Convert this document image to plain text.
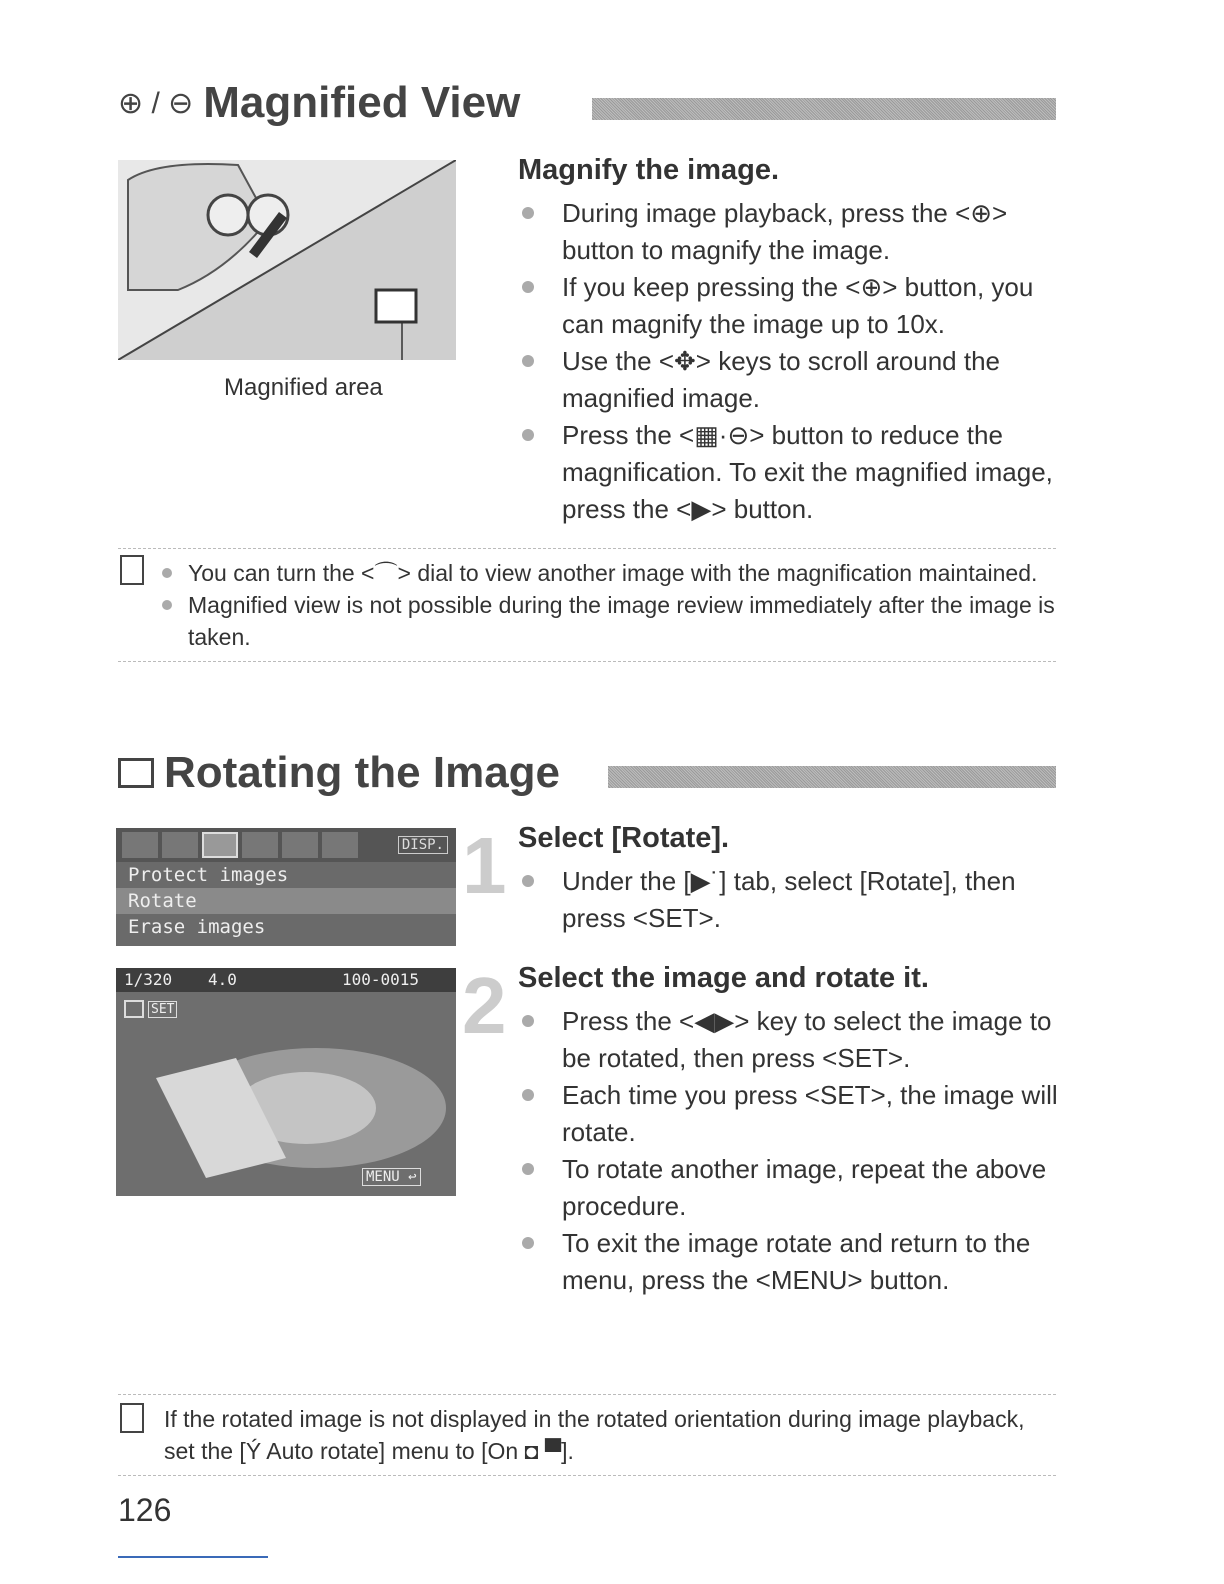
⊕ / ⊖ Magnified View
Magnified area
Magnify the image.
During image playback, press the <⊕> button to magnify the image.
If you keep pressing the <⊕> button, you can magnify the image up to 10x.
Use the <✥> keys to scroll around the magnified image.
Press the <▦·⊖> button to reduce the magnification. To exit the magnified image, press the <▶> button.
You can turn the <⌒> dial to view another image with the magnification maintained.
Magnified view is not possible during the image review immediately after the image is taken.
Rotating the Image
DISP.
Protect images
Rotate
Erase images
1/320 4.0	100-0015
SET
MENU ↩
1 Select [Rotate].
Under the [▶˙] tab, select [Rotate], then press <SET>.
2 Select the image and rotate it.
Press the <◀▶> key to select the image to be rotated, then press <SET>.
Each time you press <SET>, the image will rotate.
To rotate another image, repeat the above procedure.
To exit the image rotate and return to the menu, press the <MENU> button.
If the rotated image is not displayed in the rotated orientation during image playback, set the [Ý Auto rotate] menu to [On ◘ ▀].
126
